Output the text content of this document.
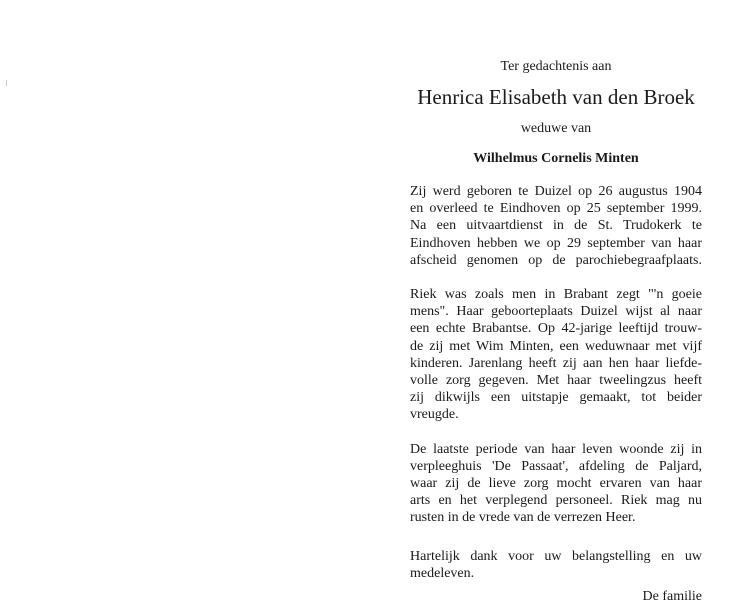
Ter gedachtenis aan

Henrica Elisabeth van den Broek

weduwe van

Wilhelmus Cornelis Minten

Zij werd geboren te Duizel op 26 augustus 1904
en overleed te Eindhoven op 25 september 1999.
Na een uitvaartdienst in de St. Trudokerk te
Eindhoven hebben we op 29 september van haar
afscheid genomen op de parochiebegraafplaats.
Riek was zoals men in Brabant zegt "'n goeie
mens". Haar geboorteplaats Duizel wijst al naar
een echte Brabantse. Op 42-jarige leeftijd trouw-
de zij met Wim Minten, een weduwnaar met vijf
kinderen. Jarenlang heeft zij aan hen haar liefde-
volle zorg gegeven. Met haar tweelingzus heeft
zij dikwijls een uitstapje gemaakt, tot beider
vreugde.
De laatste periode van haar leven woonde zij in
verpleeghuis 'De Passaat', afdeling de Paljard,
waar zij de lieve zorg mocht ervaren van haar
arts en het verplegend personeel. Riek mag nu
rusten in de vrede van de verrezen Heer.
Hartelijk dank voor uw belangstelling en uw
medeleven.

De familie
